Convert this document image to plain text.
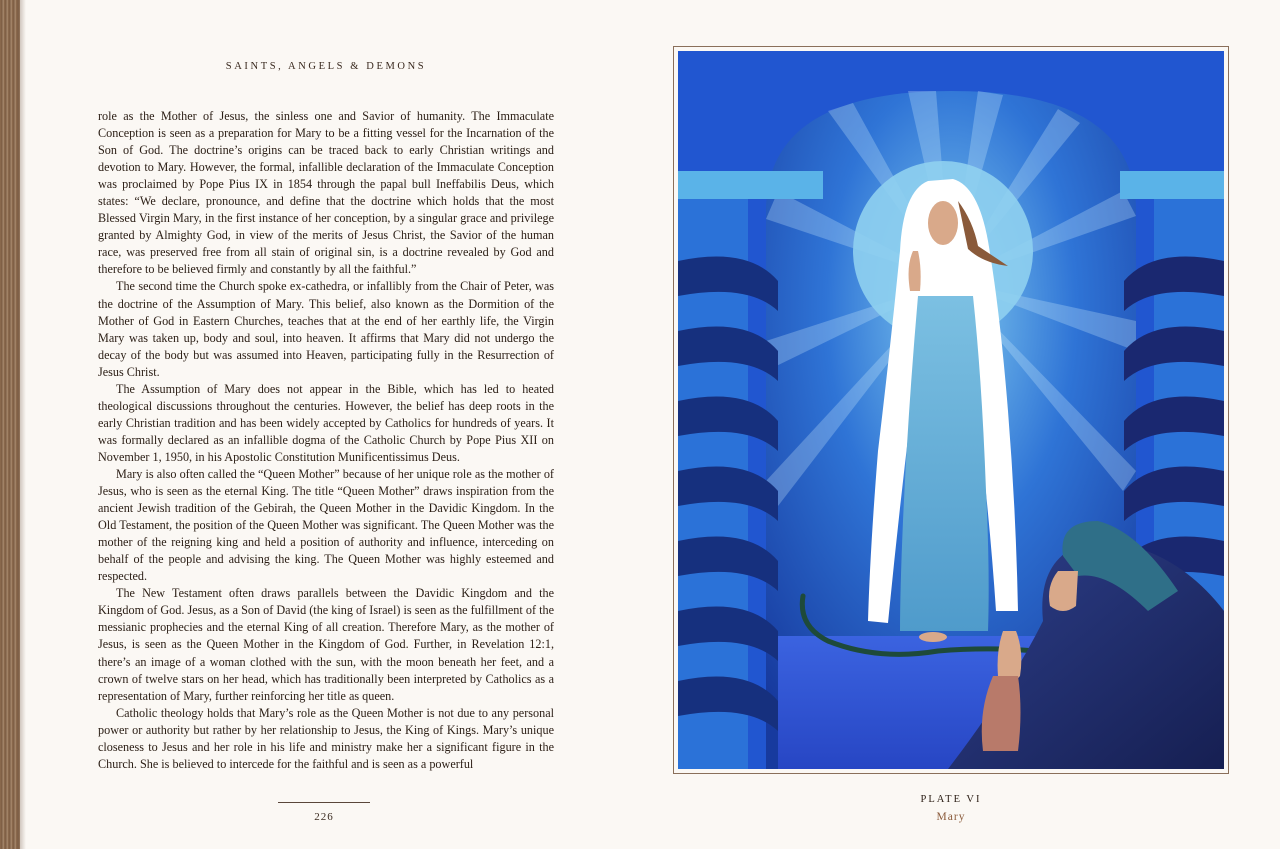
SAINTS, ANGELS & DEMONS

role as the Mother of Jesus, the sinless one and Savior of humanity. The Immaculate Conception is seen as a preparation for Mary to be a fitting vessel for the Incarnation of the Son of God. The doctrine’s origins can be traced back to early Christian writings and devotion to Mary. However, the formal, infallible declaration of the Immaculate Conception was proclaimed by Pope Pius IX in 1854 through the papal bull Ineffabilis Deus, which states: “We declare, pronounce, and define that the doctrine which holds that the most Blessed Virgin Mary, in the first instance of her conception, by a singular grace and privilege granted by Almighty God, in view of the merits of Jesus Christ, the Savior of the human race, was preserved free from all stain of original sin, is a doctrine revealed by God and therefore to be believed firmly and constantly by all the faithful.”

The second time the Church spoke ex-cathedra, or infallibly from the Chair of Peter, was the doctrine of the Assumption of Mary. This belief, also known as the Dormition of the Mother of God in Eastern Churches, teaches that at the end of her earthly life, the Virgin Mary was taken up, body and soul, into heaven. It affirms that Mary did not undergo the decay of the body but was assumed into Heaven, participating fully in the Resurrection of Jesus Christ.

The Assumption of Mary does not appear in the Bible, which has led to heated theological discussions throughout the centuries. However, the belief has deep roots in the early Christian tradition and has been widely accepted by Catholics for hundreds of years. It was formally declared as an infallible dogma of the Catholic Church by Pope Pius XII on November 1, 1950, in his Apostolic Constitution Munificentissimus Deus.

Mary is also often called the “Queen Mother” because of her unique role as the mother of Jesus, who is seen as the eternal King. The title “Queen Mother” draws inspiration from the ancient Jewish tradition of the Gebirah, the Queen Mother in the Davidic Kingdom. In the Old Testament, the position of the Queen Mother was significant. The Queen Mother was the mother of the reigning king and held a position of authority and influence, interceding on behalf of the people and advising the king. The Queen Mother was highly esteemed and respected.

The New Testament often draws parallels between the Davidic Kingdom and the Kingdom of God. Jesus, as a Son of David (the king of Israel) is seen as the fulfillment of the messianic prophecies and the eternal King of all creation. Therefore Mary, as the mother of Jesus, is seen as the Queen Mother in the Kingdom of God. Further, in Revelation 12:1, there’s an image of a woman clothed with the sun, with the moon beneath her feet, and a crown of twelve stars on her head, which has traditionally been interpreted by Catholics as a representation of Mary, further reinforcing her title as queen.

Catholic theology holds that Mary’s role as the Queen Mother is not due to any personal power or authority but rather by her relationship to Jesus, the King of Kings. Mary’s unique closeness to Jesus and her role in his life and ministry make her a significant figure in the Church. She is believed to intercede for the faithful and is seen as a powerful

226
PLATE VI
Mary
